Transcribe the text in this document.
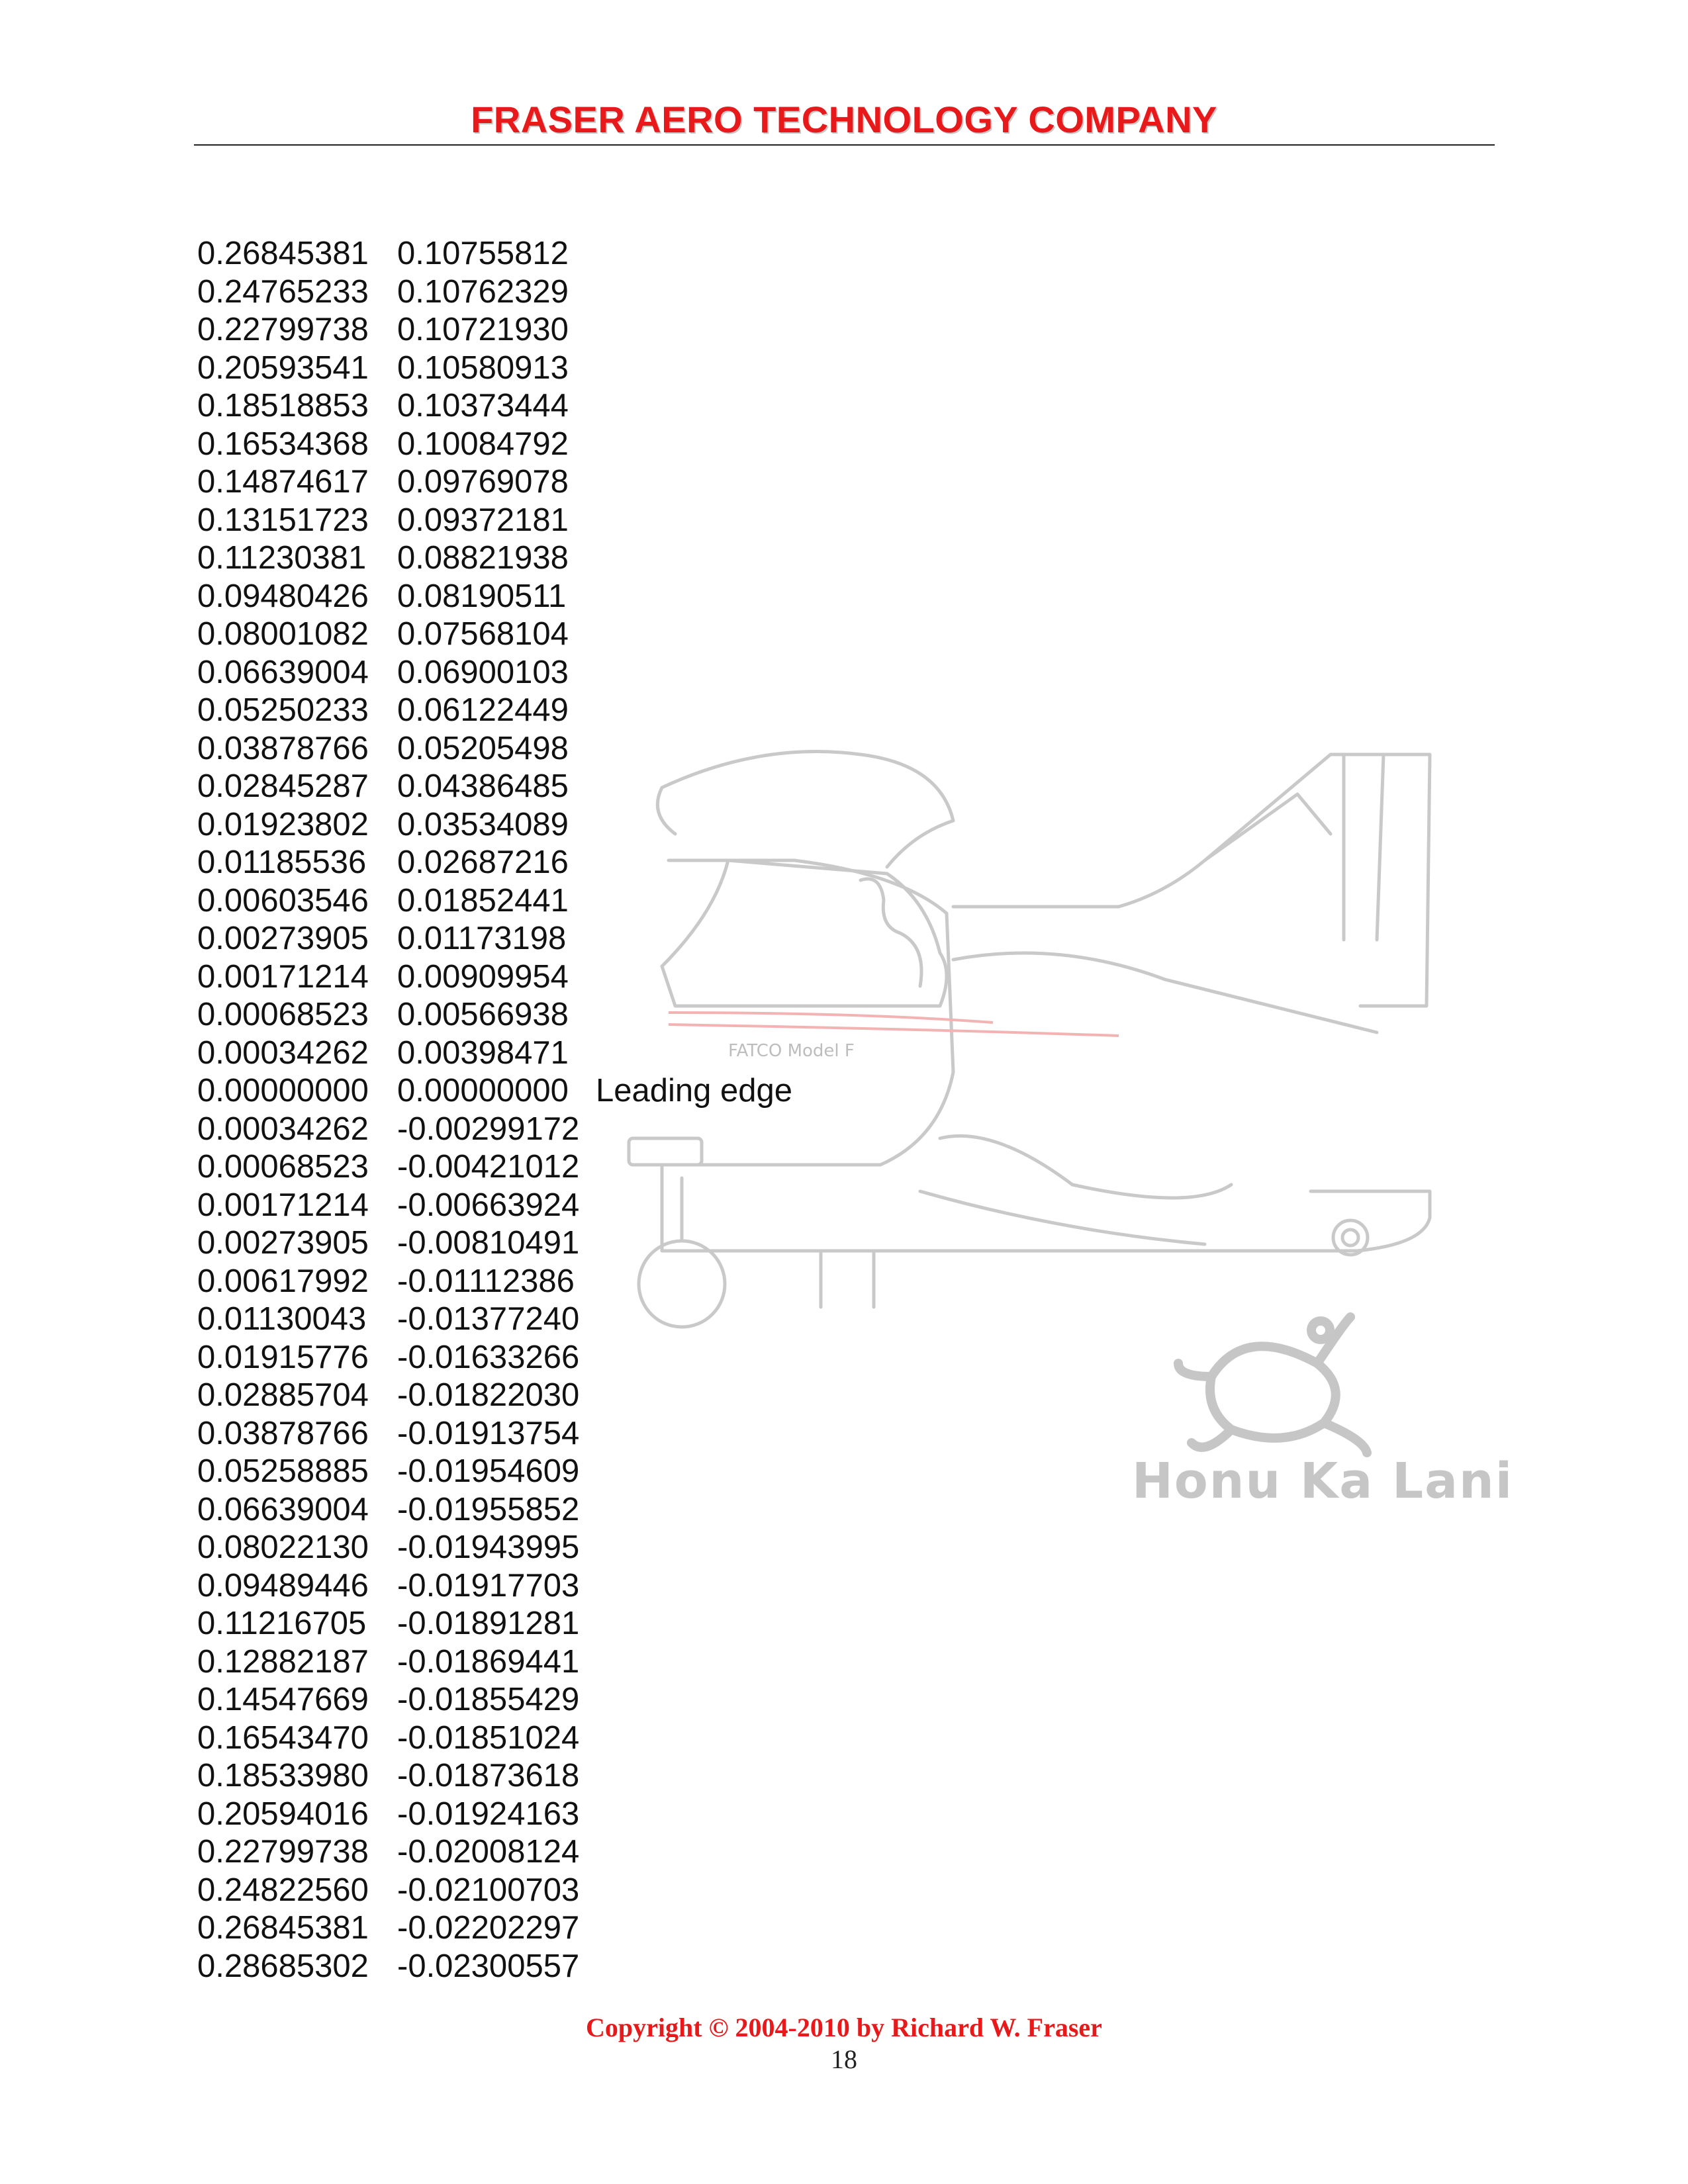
FRASER AERO TECHNOLOGY COMPANY
FATCO Model F
Honu Ka Lani
0.26845381 0.10755812
0.24765233 0.10762329
0.22799738 0.10721930
0.20593541 0.10580913
0.18518853 0.10373444
0.16534368 0.10084792
0.14874617 0.09769078
0.13151723 0.09372181
0.11230381 0.08821938
0.09480426 0.08190511
0.08001082 0.07568104
0.06639004 0.06900103
0.05250233 0.06122449
0.03878766 0.05205498
0.02845287 0.04386485
0.01923802 0.03534089
0.01185536 0.02687216
0.00603546 0.01852441
0.00273905 0.01173198
0.00171214 0.00909954
0.00068523 0.00566938
0.00034262 0.00398471
0.00000000 0.00000000 Leading edge
0.00034262 -0.00299172
0.00068523 -0.00421012
0.00171214 -0.00663924
0.00273905 -0.00810491
0.00617992 -0.01112386
0.01130043 -0.01377240
0.01915776 -0.01633266
0.02885704 -0.01822030
0.03878766 -0.01913754
0.05258885 -0.01954609
0.06639004 -0.01955852
0.08022130 -0.01943995
0.09489446 -0.01917703
0.11216705 -0.01891281
0.12882187 -0.01869441
0.14547669 -0.01855429
0.16543470 -0.01851024
0.18533980 -0.01873618
0.20594016 -0.01924163
0.22799738 -0.02008124
0.24822560 -0.02100703
0.26845381 -0.02202297
0.28685302 -0.02300557
Copyright © 2004-2010 by Richard W. Fraser
18
